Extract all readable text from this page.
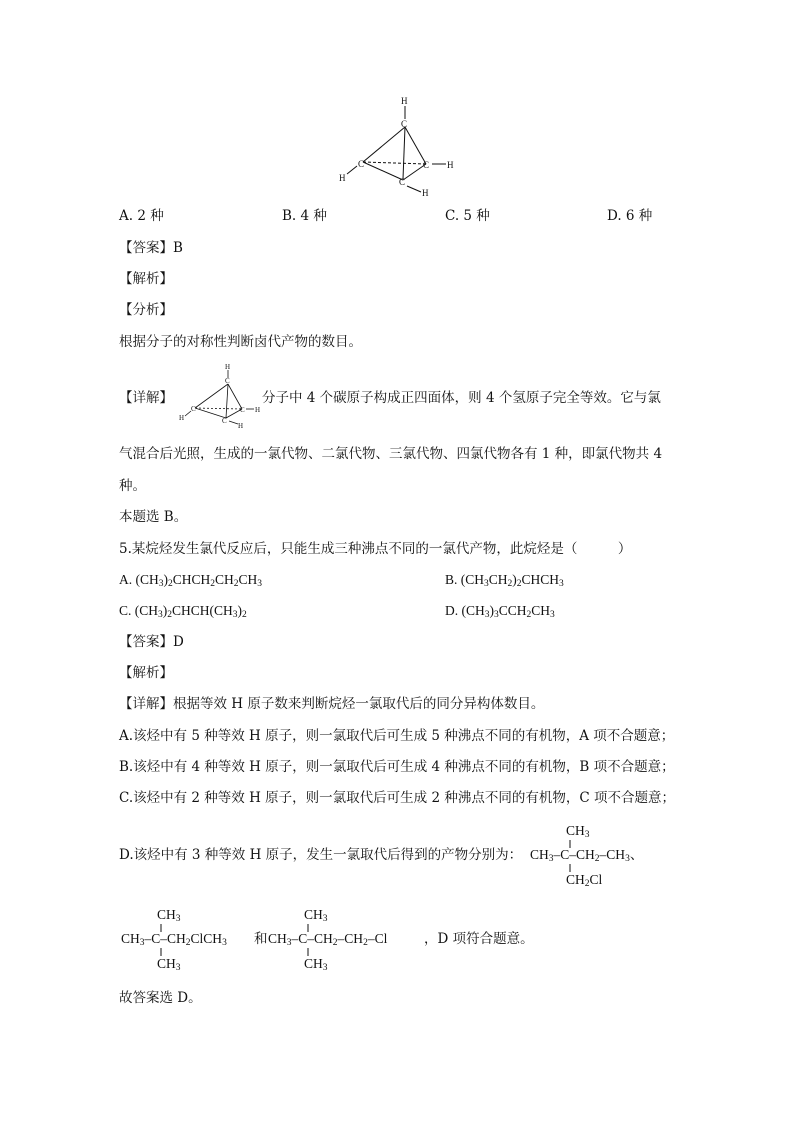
H
C
C	C
C
H
H
H
A. 2 种	B. 4 种	C. 5 种	D. 6 种
【答案】B
【解析】
【分析】
根据分子的对称性判断卤代产物的数目。
【详解】
H
C
C	C
C
H
H
H
分子中 4 个碳原子构成正四面体，则 4 个氢原子完全等效。它与氯
气混合后光照，生成的一氯代物、二氯代物、三氯代物、四氯代物各有 1 种，即氯代物共 4
种。
本题选 B。
5.某烷烃发生氯代反应后，只能生成三种沸点不同的一氯代产物，此烷烃是（　　　）
A. $(CH_3)_2CHCH_2CH_2CH_3$	B. $(CH_3CH_2)_2CHCH_3$
C. $(CH_3)_2CHCH(CH_3)_2$	D. $(CH_3)_3CCH_2CH_3$
【答案】D
【解析】
【详解】根据等效 H 原子数来判断烷烃一氯取代后的同分异构体数目。
A.该烃中有 5 种等效 H 原子，则一氯取代后可生成 5 种沸点不同的有机物，A 项不合题意；
B.该烃中有 4 种等效 H 原子，则一氯取代后可生成 4 种沸点不同的有机物，B 项不合题意；
C.该烃中有 2 种等效 H 原子，则一氯取代后可生成 2 种沸点不同的有机物，C 项不合题意；
D.该烃中有 3 种等效 H 原子，发生一氯取代后得到的产物分别为： $CH_3-C-CH_2-CH_3$、
$CH_3$
$CH_2Cl$
$CH_3-C-CH_2ClCH_3$
$CH_3$
$CH_3$
和 $CH_3-C-CH_2-CH_2-Cl$
$CH_3$
$CH_3$
，D 项符合题意。
故答案选 D。
